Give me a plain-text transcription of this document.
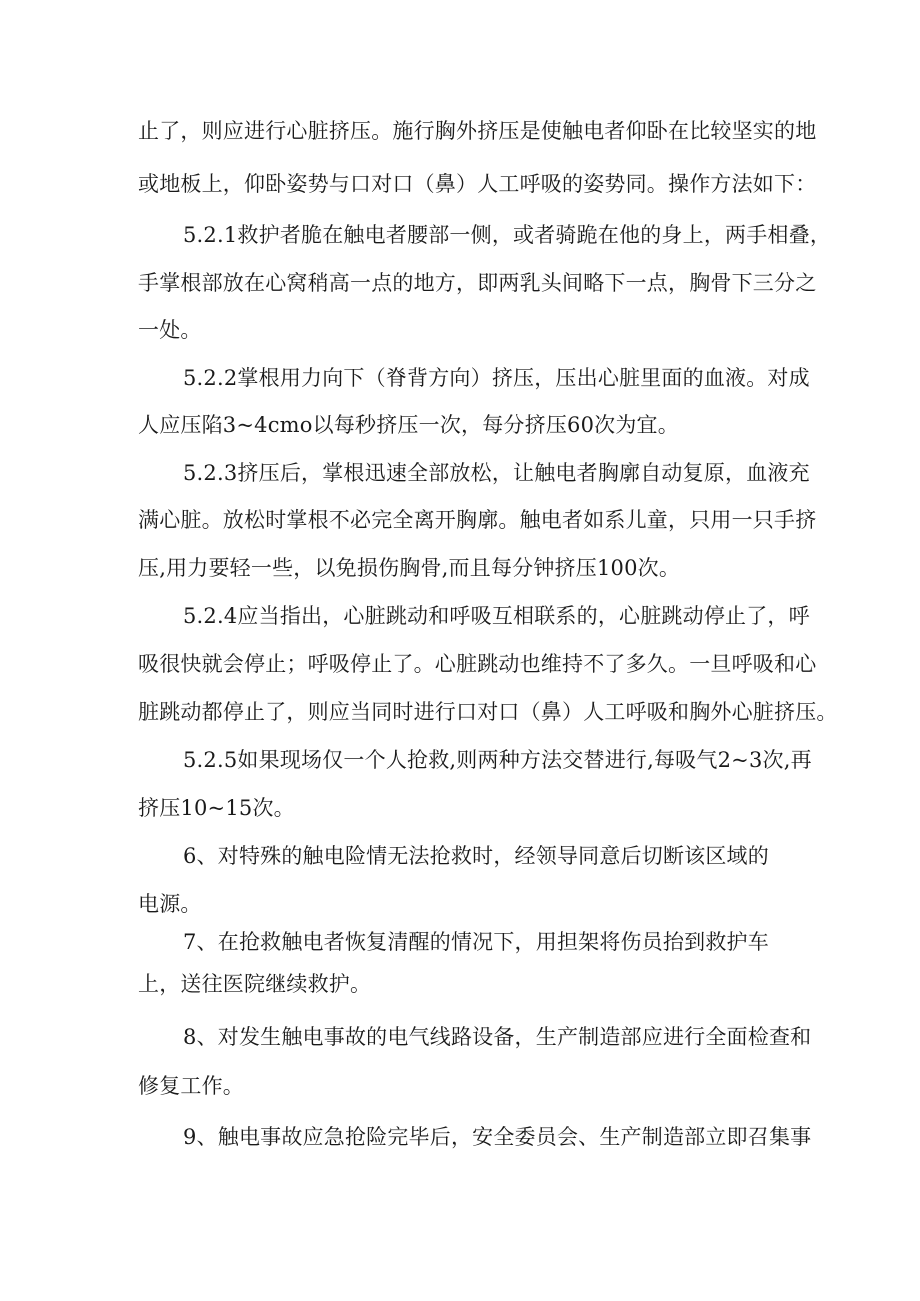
止了，则应进行心脏挤压。施行胸外挤压是使触电者仰卧在比较坚实的地
或地板上，仰卧姿势与口对口（鼻）人工呼吸的姿势同。操作方法如下：
5.2.1救护者脆在触电者腰部一侧，或者骑跪在他的身上，两手相叠，
手掌根部放在心窝稍高一点的地方，即两乳头间略下一点，胸骨下三分之
一处。
5.2.2掌根用力向下（脊背方向）挤压，压出心脏里面的血液。对成
人应压陷3~4cmo以每秒挤压一次，每分挤压60次为宜。
5.2.3挤压后，掌根迅速全部放松，让触电者胸廓自动复原，血液充
满心脏。放松时掌根不必完全离开胸廓。触电者如系儿童，只用一只手挤
压,用力要轻一些，以免损伤胸骨,而且每分钟挤压100次。
5.2.4应当指出，心脏跳动和呼吸互相联系的，心脏跳动停止了，呼
吸很快就会停止；呼吸停止了。心脏跳动也维持不了多久。一旦呼吸和心
脏跳动都停止了，则应当同时进行口对口（鼻）人工呼吸和胸外心脏挤压。
5.2.5如果现场仅一个人抢救,则两种方法交替进行,每吸气2~3次,再
挤压10~15次。
6、对特殊的触电险情无法抢救时，经领导同意后切断该区域的
电源。
7、在抢救触电者恢复清醒的情况下，用担架将伤员抬到救护车
上，送往医院继续救护。
8、对发生触电事故的电气线路设备，生产制造部应进行全面检查和
修复工作。
9、触电事故应急抢险完毕后，安全委员会、生产制造部立即召集事
